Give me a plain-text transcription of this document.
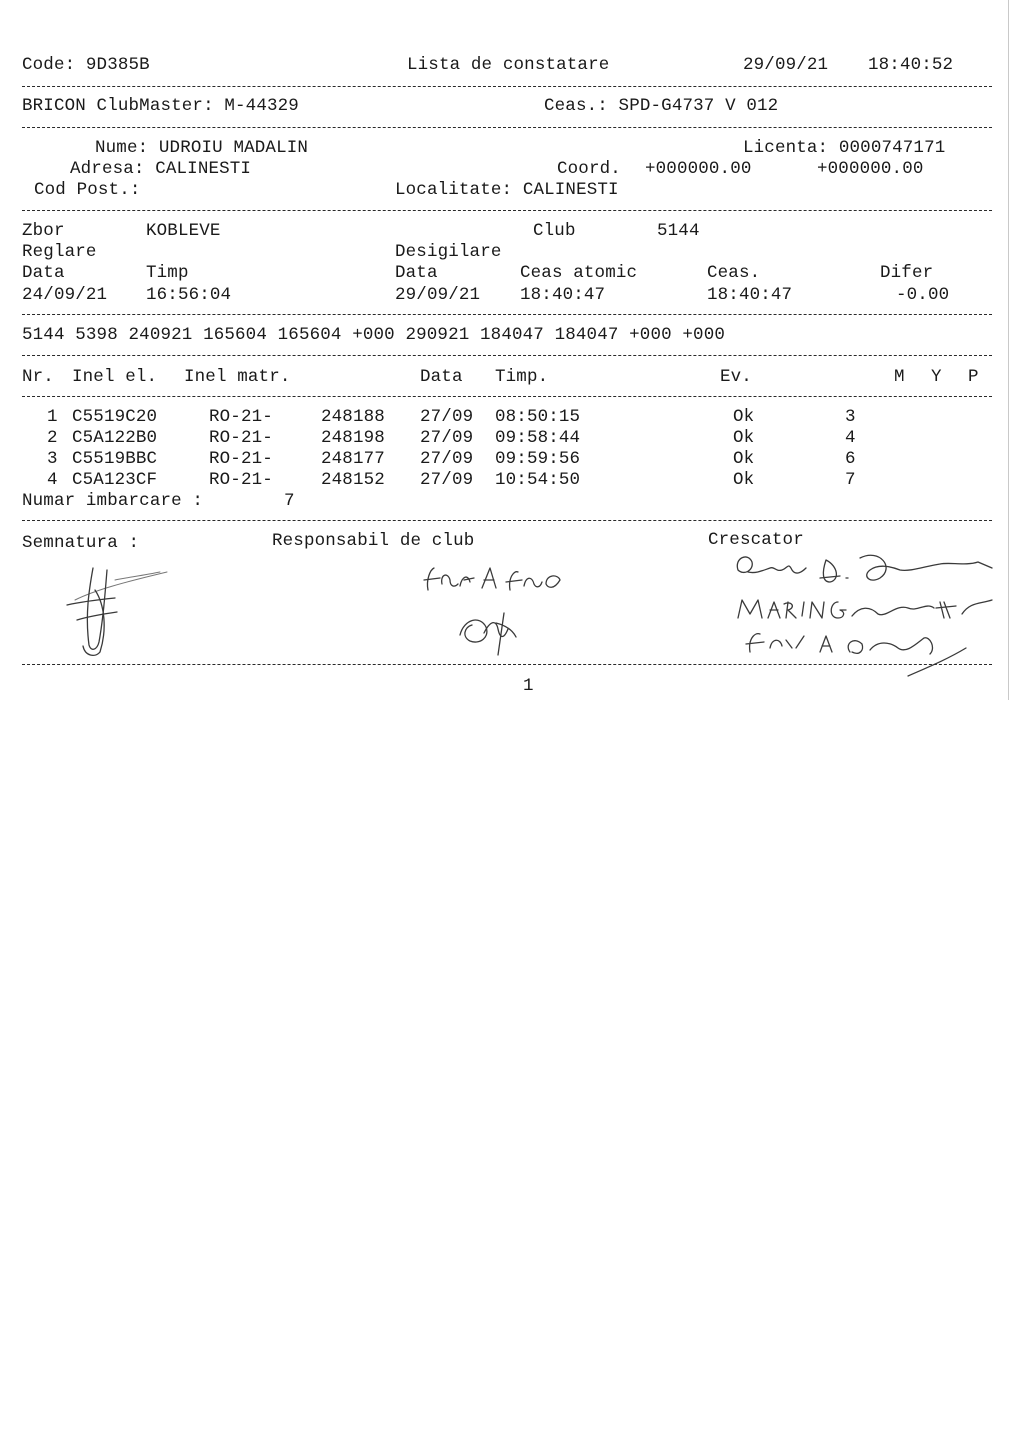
Code: 9D385B	Lista de constatare	29/09/21 18:40:52
BRICON ClubMaster: M-44329	Ceas.: SPD-G4737 V 012
Nume: UDROIU MADALIN	Licenta: 0000747171
Adresa: CALINESTI	Coord. +000000.00	+000000.00
Cod Post.:	Localitate: CALINESTI
Zbor	KOBLEVE	Club	5144
Reglare	Desigilare
Data	Timp	Data	Ceas atomic	Ceas.	Difer
24/09/21 16:56:04	29/09/21 18:40:47	18:40:47	-0.00
5144 5398 240921 165604 165604 +000 290921 184047 184047 +000 +000
Nr. Inel el. Inel matr.	Data Timp.	Ev.	M Y P
1 C5519C20	RO-21-	248188 27/09 08:50:15	Ok	3
2 C5A122B0	RO-21-	248198 27/09 09:58:44	Ok	4
3 C5519BBC	RO-21-	248177 27/09 09:59:56	Ok	6
4 C5A123CF	RO-21-	248152 27/09 10:54:50	Ok	7
Numar imbarcare :	7
Semnatura :	Responsabil de club	Crescator
1
